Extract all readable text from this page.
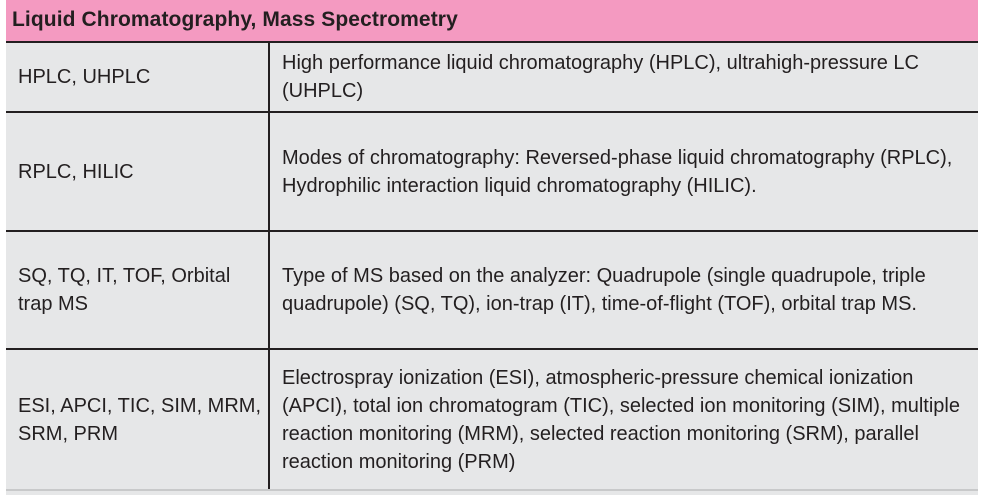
Liquid Chromatography, Mass Spectrometry
HPLC, UHPLC
High performance liquid chromatography (HPLC), ultrahigh-pressure LC (UHPLC)
RPLC, HILIC
Modes of chromatography: Reversed-phase liquid chromatography (RPLC), Hydrophilic interaction liquid chromatography (HILIC).
SQ, TQ, IT, TOF, Orbital trap MS
Type of MS based on the analyzer: Quadrupole (single quadrupole, triple quadrupole) (SQ, TQ), ion-trap (IT), time-of-flight (TOF), orbital trap MS.
ESI, APCI, TIC, SIM, MRM, SRM, PRM
Electrospray ionization (ESI), atmospheric-pressure chemical ionization (APCI), total ion chromatogram (TIC), selected ion monitoring (SIM), multiple reaction monitoring (MRM), selected reaction monitoring (SRM), parallel reaction monitoring (PRM)
